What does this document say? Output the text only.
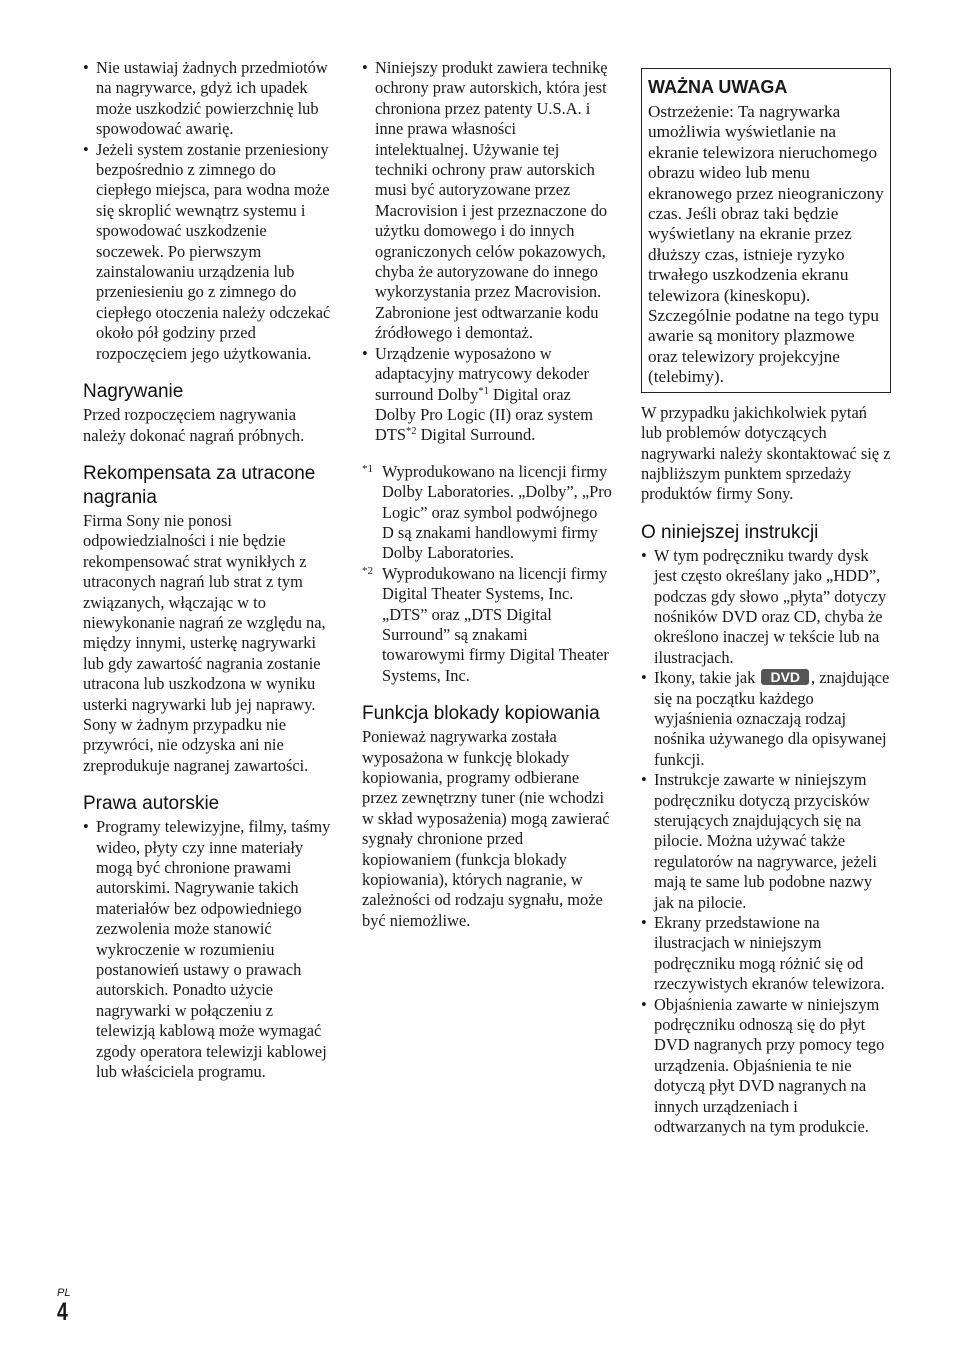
• Nie ustawiaj żadnych przedmiotów na nagrywarce, gdyż ich upadek może uszkodzić powierzchnię lub spowodować awarię.
• Jeżeli system zostanie przeniesiony bezpośrednio z zimnego do ciepłego miejsca, para wodna może się skroplić wewnątrz systemu i spowodować uszkodzenie soczewek. Po pierwszym zainstalowaniu urządzenia lub przeniesieniu go z zimnego do ciepłego otoczenia należy odczekać około pół godziny przed rozpoczęciem jego użytkowania.
Nagrywanie

Przed rozpoczęciem nagrywania należy dokonać nagrań próbnych.

Rekompensata za utracone nagrania

Firma Sony nie ponosi odpowiedzialności i nie będzie rekompensować strat wynikłych z utraconych nagrań lub strat z tym związanych, włączając w to niewykonanie nagrań ze względu na, między innymi, usterkę nagrywarki lub gdy zawartość nagrania zostanie utracona lub uszkodzona w wyniku usterki nagrywarki lub jej naprawy. Sony w żadnym przypadku nie przywróci, nie odzyska ani nie zreprodukuje nagranej zawartości.

Prawa autorskie
• Programy telewizyjne, filmy, taśmy wideo, płyty czy inne materiały mogą być chronione prawami autorskimi. Nagrywanie takich materiałów bez odpowiedniego zezwolenia może stanowić wykroczenie w rozumieniu postanowień ustawy o prawach autorskich. Ponadto użycie nagrywarki w połączeniu z telewizją kablową może wymagać zgody operatora telewizji kablowej lub właściciela programu.
• Niniejszy produkt zawiera technikę ochrony praw autorskich, która jest chroniona przez patenty U.S.A. i inne prawa własności intelektualnej. Używanie tej techniki ochrony praw autorskich musi być autoryzowane przez Macrovision i jest przeznaczone do użytku domowego i do innych ograniczonych celów pokazowych, chyba że autoryzowane do innego wykorzystania przez Macrovision. Zabronione jest odtwarzanie kodu źródłowego i demontaż.
• Urządzenie wyposażono w adaptacyjny matrycowy dekoder surround Dolby$^{*1}$ Digital oraz Dolby Pro Logic (II) oraz system DTS$^{*2}$ Digital Surround.
*1 Wyprodukowano na licencji firmy Dolby Laboratories. „Dolby”, „Pro Logic” oraz symbol podwójnego D są znakami handlowymi firmy Dolby Laboratories.
*2 Wyprodukowano na licencji firmy Digital Theater Systems, Inc.
„DTS” oraz „DTS Digital Surround” są znakami towarowymi firmy Digital Theater Systems, Inc.
Funkcja blokady kopiowania

Ponieważ nagrywarka została wyposażona w funkcję blokady kopiowania, programy odbierane przez zewnętrzny tuner (nie wchodzi w skład wyposażenia) mogą zawierać sygnały chronione przed kopiowaniem (funkcja blokady kopiowania), których nagranie, w zależności od rodzaju sygnału, może być niemożliwe.

WAŻNA UWAGA

Ostrzeżenie: Ta nagrywarka umożliwia wyświetlanie na ekranie telewizora nieruchomego obrazu wideo lub menu ekranowego przez nieograniczony czas. Jeśli obraz taki będzie wyświetlany na ekranie przez dłuższy czas, istnieje ryzyko trwałego uszkodzenia ekranu telewizora (kineskopu). Szczególnie podatne na tego typu awarie są monitory plazmowe oraz telewizory projekcyjne (telebimy).

W przypadku jakichkolwiek pytań lub problemów dotyczących nagrywarki należy skontaktować się z najbliższym punktem sprzedaży produktów firmy Sony.

O niniejszej instrukcji
• W tym podręczniku twardy dysk jest często określany jako „HDD”, podczas gdy słowo „płyta” dotyczy nośników DVD oraz CD, chyba że określono inaczej w tekście lub na ilustracjach.
• Ikony, takie jak DVD , znajdujące się na początku każdego wyjaśnienia oznaczają rodzaj nośnika używanego dla opisywanej funkcji.
• Instrukcje zawarte w niniejszym podręczniku dotyczą przycisków sterujących znajdujących się na pilocie. Można używać także regulatorów na nagrywarce, jeżeli mają te same lub podobne nazwy jak na pilocie.
• Ekrany przedstawione na ilustracjach w niniejszym podręczniku mogą różnić się od rzeczywistych ekranów telewizora.
• Objaśnienia zawarte w niniejszym podręczniku odnoszą się do płyt DVD nagranych przy pomocy tego urządzenia. Objaśnienia te nie dotyczą płyt DVD nagranych na innych urządzeniach i odtwarzanych na tym produkcie.
PL
4
